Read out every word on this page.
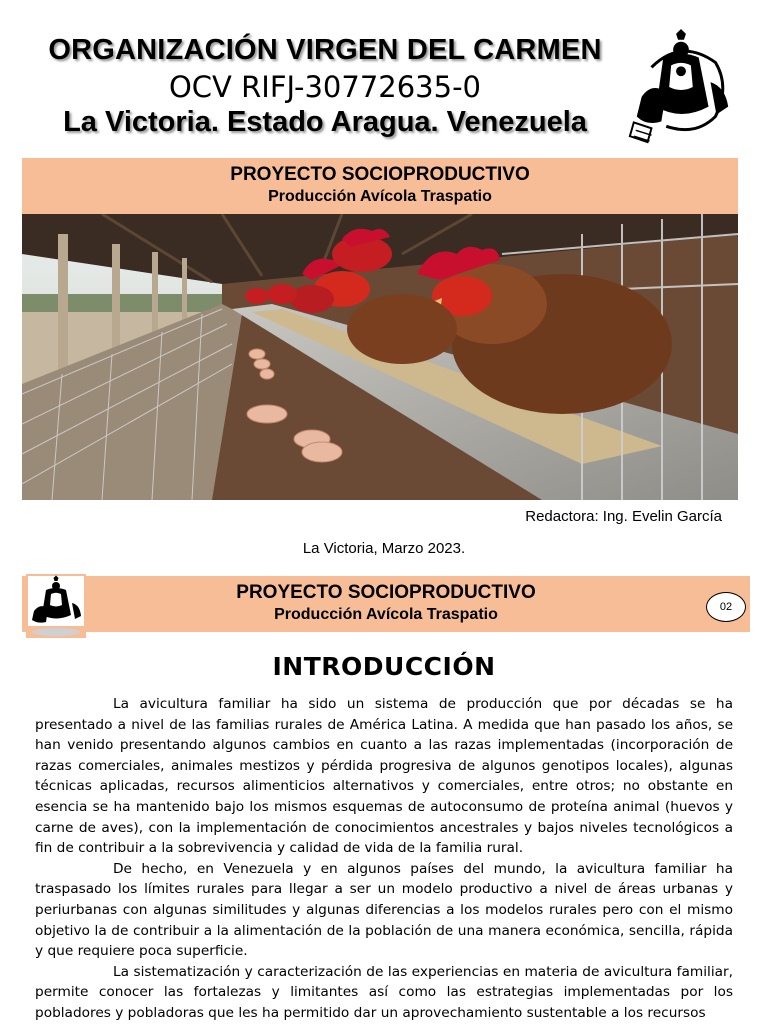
ORGANIZACIÓN VIRGEN DEL CARMEN
OCV RIFJ-30772635-0
La Victoria. Estado Aragua. Venezuela
PROYECTO SOCIOPRODUCTIVO
Producción Avícola Traspatio
Redactora: Ing. Evelin García
La Victoria, Marzo 2023.
PROYECTO SOCIOPRODUCTIVO
Producción Avícola Traspatio	02
INTRODUCCIÓN

La avicultura familiar ha sido un sistema de producción que por décadas se ha presentado a nivel de las familias rurales de América Latina. A medida que han pasado los años, se han venido presentando algunos cambios en cuanto a las razas implementadas (incorporación de razas comerciales, animales mestizos y pérdida progresiva de algunos genotipos locales), algunas técnicas aplicadas, recursos alimenticios alternativos y comerciales, entre otros; no obstante en esencia se ha mantenido bajo los mismos esquemas de autoconsumo de proteína animal (huevos y carne de aves), con la implementación de conocimientos ancestrales y bajos niveles tecnológicos a fin de contribuir a la sobrevivencia y calidad de vida de la familia rural.

De hecho, en Venezuela y en algunos países del mundo, la avicultura familiar ha traspasado los límites rurales para llegar a ser un modelo productivo a nivel de áreas urbanas y periurbanas con algunas similitudes y algunas diferencias a los modelos rurales pero con el mismo objetivo la de contribuir a la alimentación de la población de una manera económica, sencilla, rápida y que requiere poca superficie.

La sistematización y caracterización de las experiencias en materia de avicultura familiar, permite conocer las fortalezas y limitantes así como las estrategias implementadas por los pobladores y pobladoras que les ha permitido dar un aprovechamiento sustentable a los recursos
